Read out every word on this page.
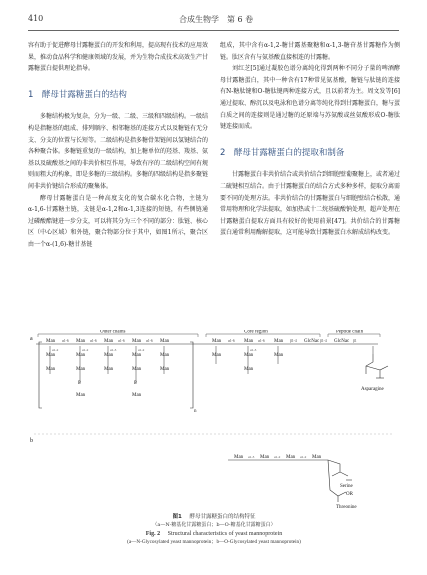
410	合成生物学　第 6 卷

容有助于促进酵母甘露糖蛋白的开发和利用，提高现有技术的应用效果，推动食品科学和健康领域的发展，并为生物合成技术高效生产甘露糖蛋白提供理论指导。

1　酵母甘露糖蛋白的结构

多糖结构极为复杂，分为一级、二级、三级和四级结构。一级结构是指糖基的组成、排列顺序、相邻糖基的连接方式以及糖链有无分支、分支的位置与长短等。二级结构是指多糖骨架链间以氢键结合的各种聚合体。多糖链重复的一级结构，加上糖单位的羟基、羧基、氨基以及硫酸基之间的非共价相互作用，导致有序的二级结构空间有规则而粗大的构象，即是多糖的三级结构。多糖的四级结构是指多聚链间非共价键结合形成的聚集体。

酵母甘露糖蛋白是一种高度支化的复合碳水化合物，主链为α-1,6-甘露糖主链，支链是α-1,2和α-1,3连接的短链，有些侧链通过磷酸酯键进一步分支，可以将其分为三个不同的部分：肽链、核心区（中心区域）和外链，聚合物部分位于其中，如图1所示，聚合区由一个α-(1,6)-糖甘基链

组成，其中含有α-1,2-糖甘露基聚糖和α-1,3-糖苷基甘露糖作为侧链。肽区含有与氨基酸直接相连的甘露糖。

刘红芝[5]通过凝胶色谱分离纯化得到两种不同分子量的啤酒酵母甘露糖蛋白，其中一种含有17种常见氨基酸，糖链与肽链的连接有N-糖肽键和O-糖肽键两种连接方式，且以前者为主。周文发等[6]通过提取、醇沉以及电泳和色谱分离等纯化得到甘露糖蛋白，糖与蛋白质之间的连接则是通过糖的还原端与苏氨酸或丝氨酸形成O-糖肽键连接而成。

2　酵母甘露糖蛋白的提取和制备

甘露糖蛋白非共价结合或共价结合到细胞壁葡聚糖上，或者通过二硫键相互结合。由于甘露糖蛋白的结合方式多种多样，提取分离需要不同的处理方法。非共价结合的甘露糖蛋白与细胞壁结合松散，通常用物理和化学法提取，如加热或十二烷基硫酸钠处理，超声处理在甘露糖蛋白提取方面具有较好的使用前景[47]。共价结合的甘露糖蛋白通常利用酶解提取，这可能导致甘露糖蛋白水解成结构改变。

a
b
Outer chains	Core region	Peptide chain
n
Man	Man	Man	Man	Man	Man	Man	Man	GlcNac	GlcNac
α1-6	α1-6	α1-6	α1-6	α1-6	α1-6	β1-4	β1-4	β1
Man
Man
Man
Man
P
Man
Man
Man
Man
Man
P
Man
Man
Man
Man	Man
Man
Man
α1-2	α1-2	α1-3	α1-2	α1-3
Asparagine
Man	Man	Man	Man
α1-3	α1-2	α1-2
Serine
OR
Threonine
图1 酵母甘露糖蛋白的结构特征
（a—N-糖基化甘露糖蛋白；b—O-糖基化甘露糖蛋白）
Fig. 2 Structural characteristics of yeast mannoprotein
(a—N-Glycosylated yeast mannoprotein；b—O-Glycosylated yeast mannoprotein)
